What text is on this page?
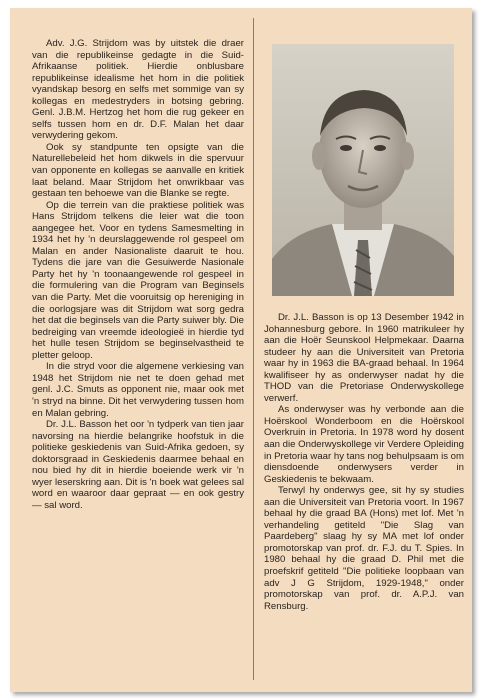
Adv. J.G. Strijdom was by uitstek die draer van die republikeinse gedagte in die Suid-Afrikaanse politiek. Hierdie onblusbare republikeinse idealisme het hom in die politiek vyandskap besorg en selfs met sommige van sy kollegas en medestryders in botsing gebring. Genl. J.B.M. Hertzog het hom die rug gekeer en selfs tussen hom en dr. D.F. Malan het daar verwydering gekom.

Ook sy standpunte ten opsigte van die Naturellebeleid het hom dikwels in die spervuur van opponente en kollegas se aanvalle en kritiek laat beland. Maar Strijdom het onwrikbaar vas gestaan ten behoewe van die Blanke se regte.

Op die terrein van die praktiese politiek was Hans Strijdom telkens die leier wat die toon aangegee het. Voor en tydens Samesmelting in 1934 het hy 'n deurslaggewende rol gespeel om Malan en ander Nasionaliste daaruit te hou. Tydens die jare van die Gesuiwerde Nasionale Party het hy 'n toonaangewende rol gespeel in die formulering van die Program van Beginsels van die Party. Met die vooruitsig op hereniging in die oorlogsjare was dit Strijdom wat sorg gedra het dat die beginsels van die Party suiwer bly. Die bedreiging van vreemde ideologieë in hierdie tyd het hulle tesen Strijdom se beginselvastheid te pletter geloop.

In die stryd voor die algemene verkiesing van 1948 het Strijdom nie net te doen gehad met genl. J.C. Smuts as opponent nie, maar ook met 'n stryd na binne. Dit het verwydering tussen hom en Malan gebring.

Dr. J.L. Basson het oor 'n tydperk van tien jaar navorsing na hierdie belangrike hoofstuk in die politieke geskiedenis van Suid-Afrika gedoen, sy doktorsgraad in Geskiedenis daarmee behaal en nou bied hy dit in hierdie boeiende werk vir 'n wyer leserskring aan. Dit is 'n boek wat gelees sal word en waaroor daar gepraat — en ook gestry — sal word.

Dr. J.L. Basson is op 13 Desember 1942 in Johannesburg gebore. In 1960 matrikuleer hy aan die Hoër Seunskool Helpmekaar. Daarna studeer hy aan die Universiteit van Pretoria waar hy in 1963 die BA-graad behaal. In 1964 kwalifiseer hy as onderwyser nadat hy die THOD van die Pretoriase Onderwyskollege verwerf.

As onderwyser was hy verbonde aan die Hoërskool Wonderboom en die Hoërskool Overkruin in Pretoria. In 1978 word hy dosent aan die Onderwyskollege vir Verdere Opleiding in Pretoria waar hy tans nog behulpsaam is om diensdoende onderwysers verder in Geskiedenis te bekwaam.

Terwyl hy onderwys gee, sit hy sy studies aan die Universiteit van Pretoria voort. In 1967 behaal hy die graad BA (Hons) met lof. Met 'n verhandeling getiteld "Die Slag van Paardeberg" slaag hy sy MA met lof onder promotorskap van prof. dr. F.J. du T. Spies. In 1980 behaal hy die graad D. Phil met die proefskrif getiteld "Die politieke loopbaan van adv J G Strijdom, 1929-1948," onder promotorskap van prof. dr. A.P.J. van Rensburg.
